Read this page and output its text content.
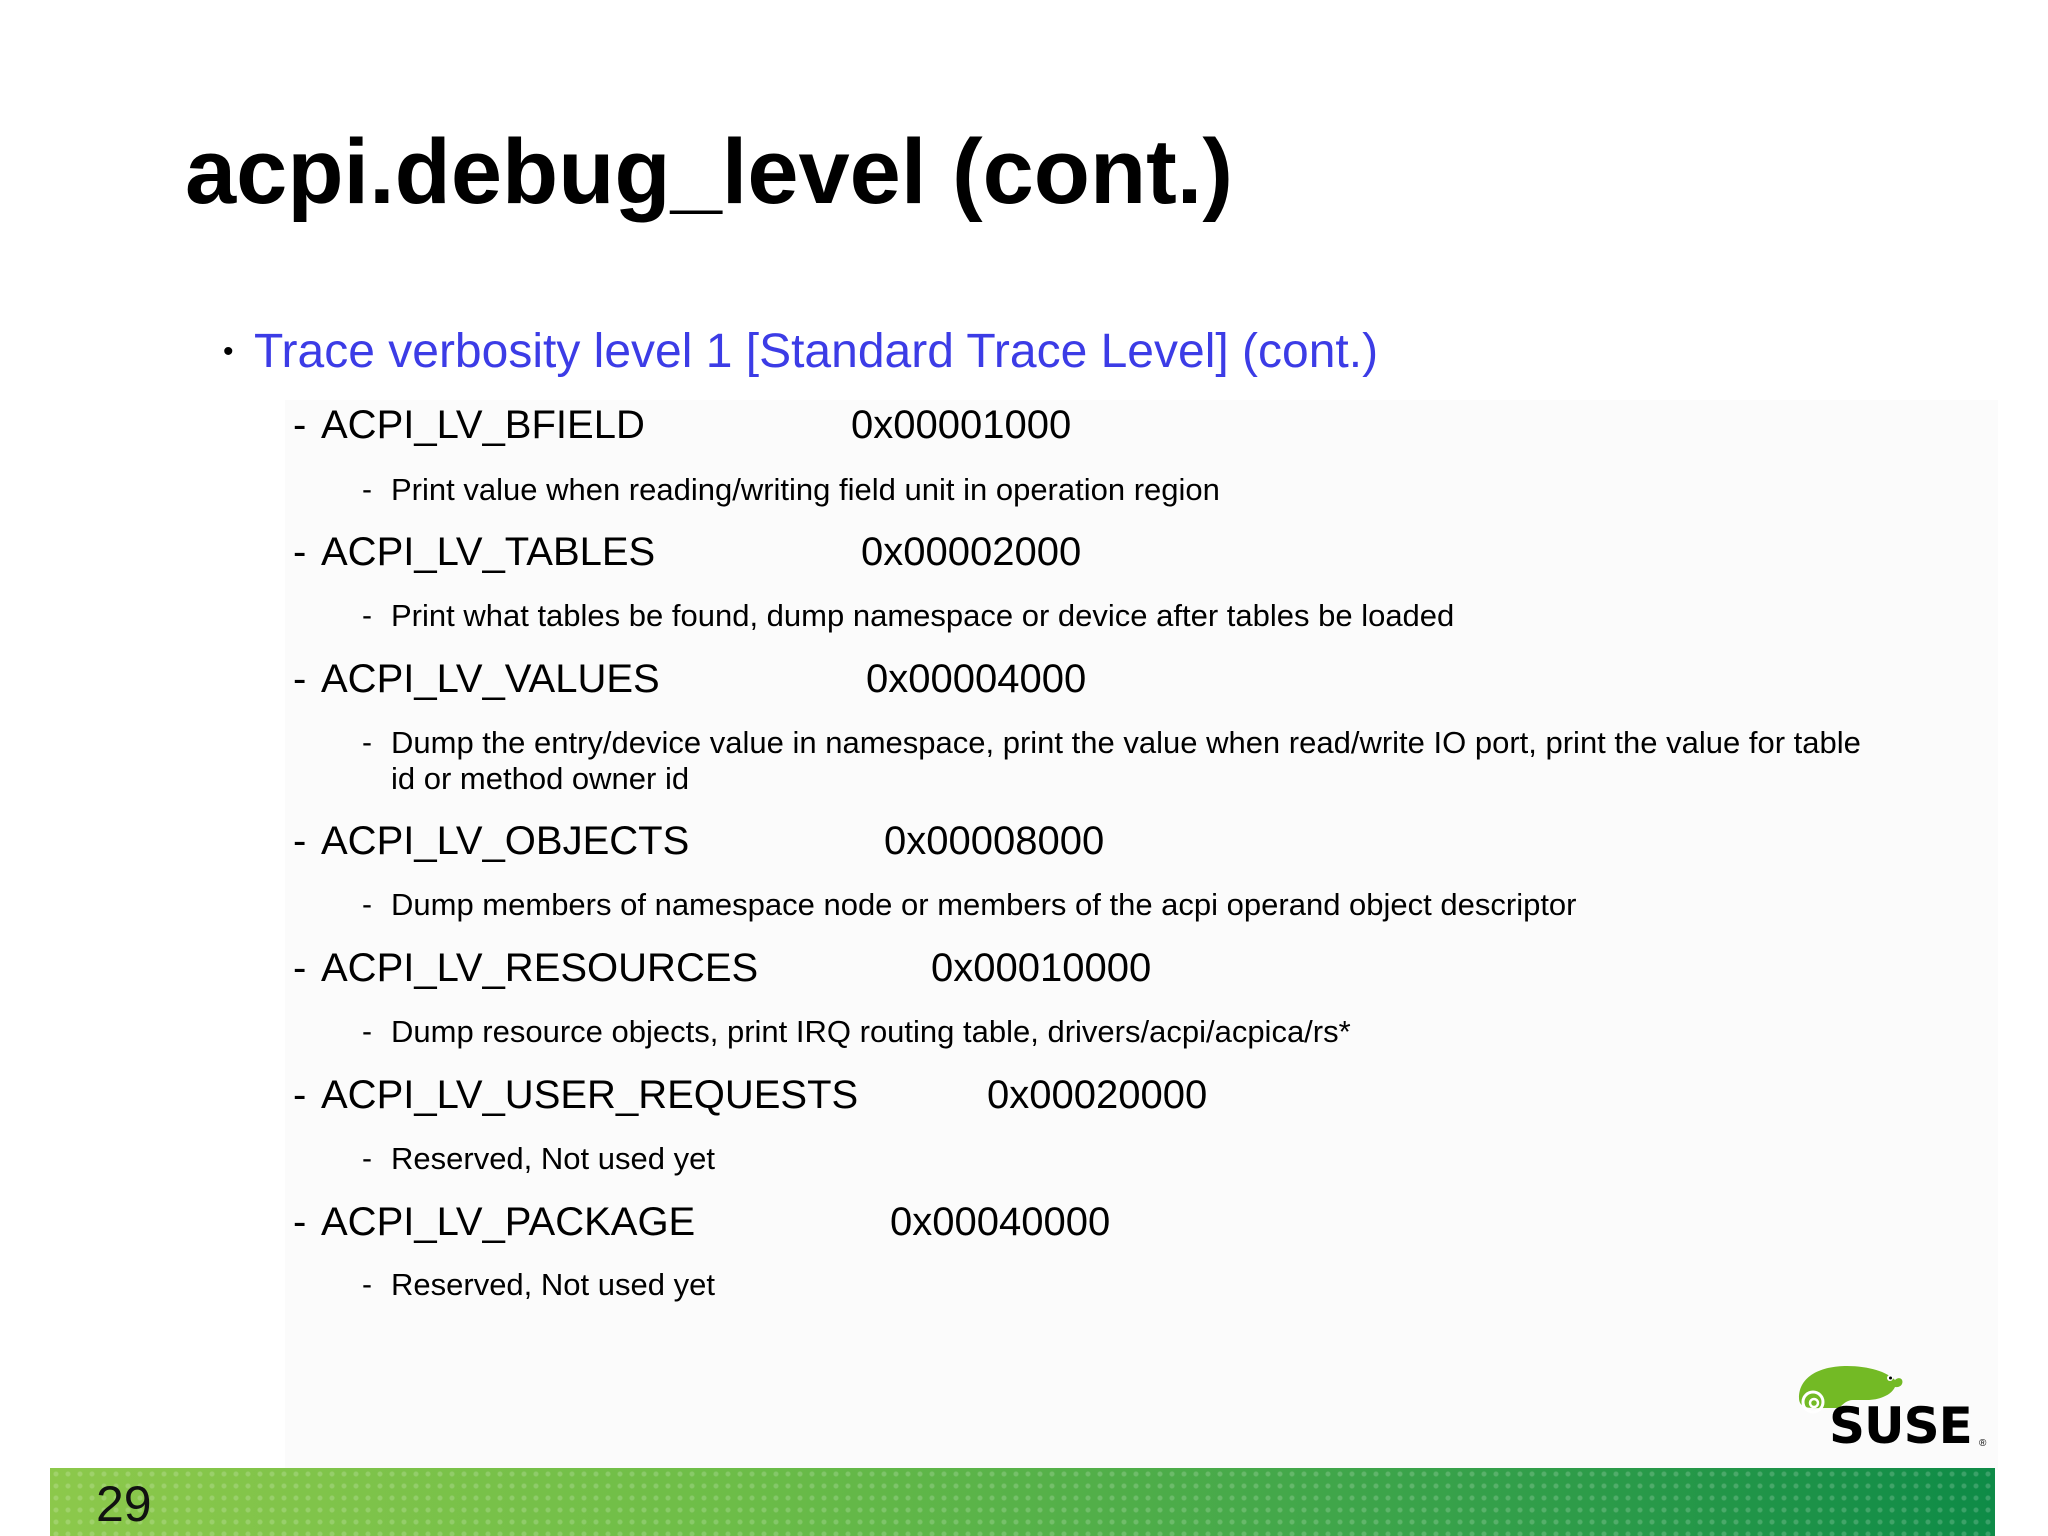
acpi.debug_level (cont.)
• Trace verbosity level 1 [Standard Trace Level] (cont.)
- ACPI_LV_BFIELD	0x00001000
- Print value when reading/writing field unit in operation region
- ACPI_LV_TABLES	0x00002000
- Print what tables be found, dump namespace or device after tables be loaded
- ACPI_LV_VALUES	0x00004000
- Dump the entry/device value in namespace, print the value when read/write IO port, print the value for table id or method owner id
- ACPI_LV_OBJECTS	0x00008000
- Dump members of namespace node or members of the acpi operand object descriptor
- ACPI_LV_RESOURCES	0x00010000
- Dump resource objects, print IRQ routing table, drivers/acpi/acpica/rs*
- ACPI_LV_USER_REQUESTS	0x00020000
- Reserved, Not used yet
- ACPI_LV_PACKAGE	0x00040000
- Reserved, Not used yet
SUSE ®
29
